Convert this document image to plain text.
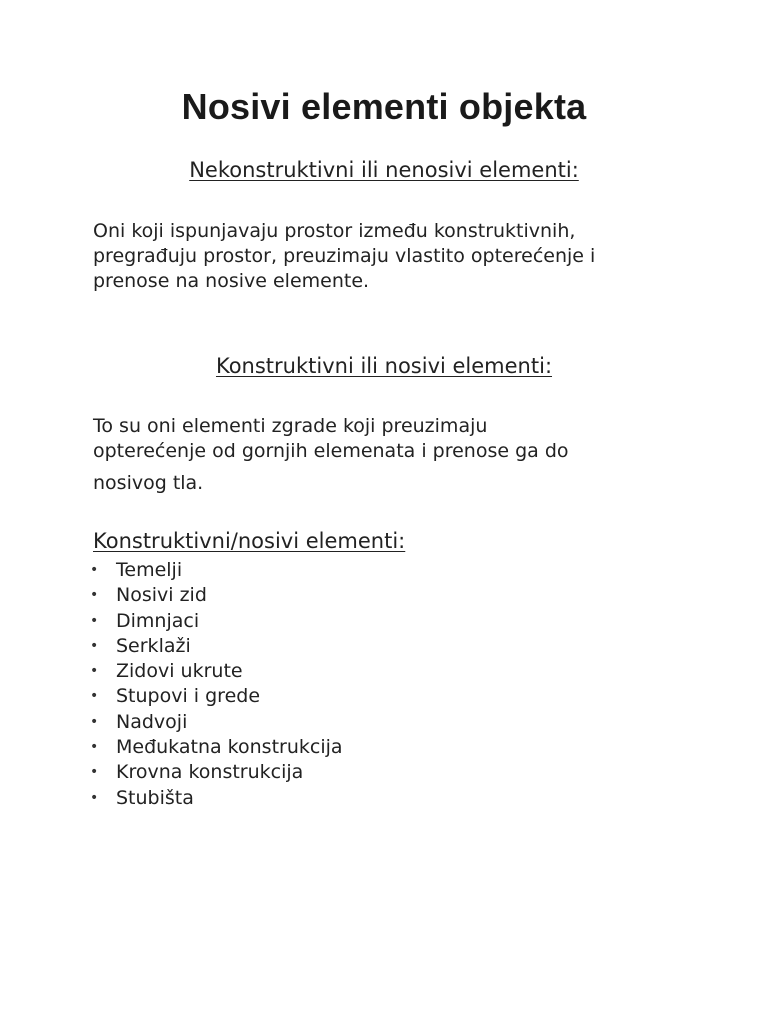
Nosivi elementi objekta
Nekonstruktivni ili nenosivi elementi:

Oni koji ispunjavaju prostor između konstruktivnih,
pregrađuju prostor, preuzimaju vlastito opterećenje i
prenose na nosive elemente.

Konstruktivni ili nosivi elementi:

To su oni elementi zgrade koji preuzimaju
opterećenje od gornjih elemenata i prenose ga do
nosivog tla.

Konstruktivni/nosivi elementi:
• Temelji
• Nosivi zid
• Dimnjaci
• Serklaži
• Zidovi ukrute
• Stupovi i grede
• Nadvoji
• Međukatna konstrukcija
• Krovna konstrukcija
• Stubišta
